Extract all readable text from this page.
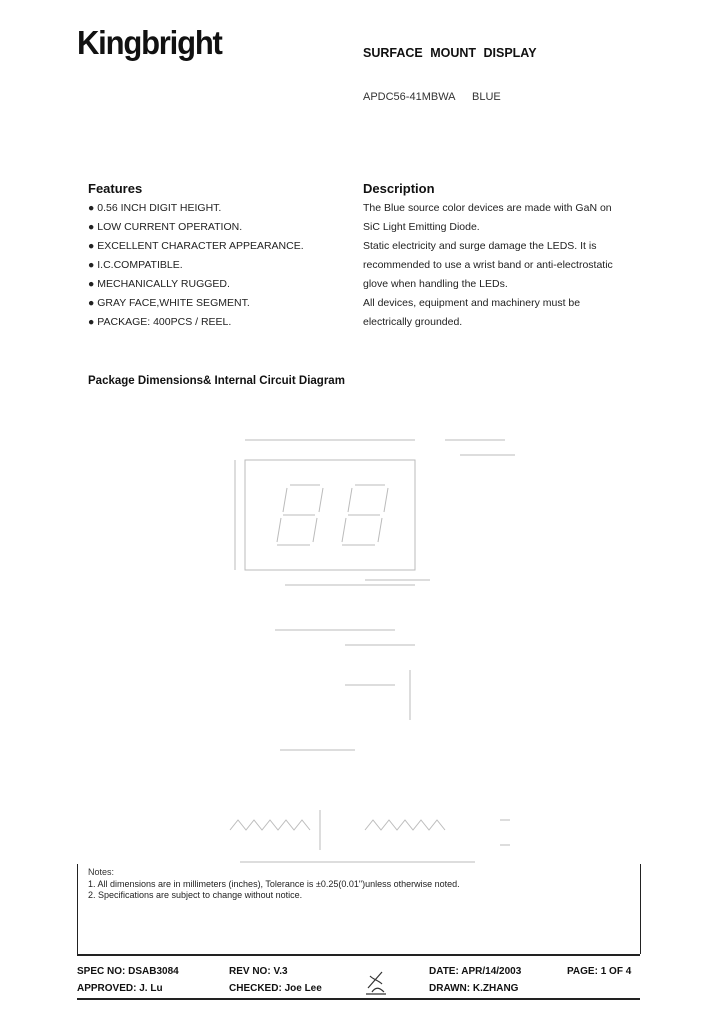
Kingbright	SURFACE MOUNT DISPLAY
APDC56-41MBWA BLUE
Features
● 0.56 INCH DIGIT HEIGHT.
● LOW CURRENT OPERATION.
● EXCELLENT CHARACTER APPEARANCE.
● I.C.COMPATIBLE.
● MECHANICALLY RUGGED.
● GRAY FACE,WHITE SEGMENT.
● PACKAGE: 400PCS / REEL.
Description
The Blue source color devices are made with GaN on
SiC Light Emitting Diode.
Static electricity and surge damage the LEDS. It is
recommended to use a wrist band or anti-electrostatic
glove when handling the LEDs.
All devices, equipment and machinery must be
electrically grounded.
Package Dimensions& Internal Circuit Diagram
Notes:
1. All dimensions are in millimeters (inches), Tolerance is ±0.25(0.01")unless otherwise noted.
2. Specifications are subject to change without notice.
SPEC NO: DSAB3084	REV NO: V.3	DATE: APR/14/2003	PAGE: 1 OF 4
APPROVED: J. Lu	CHECKED: Joe Lee	DRAWN: K.ZHANG
